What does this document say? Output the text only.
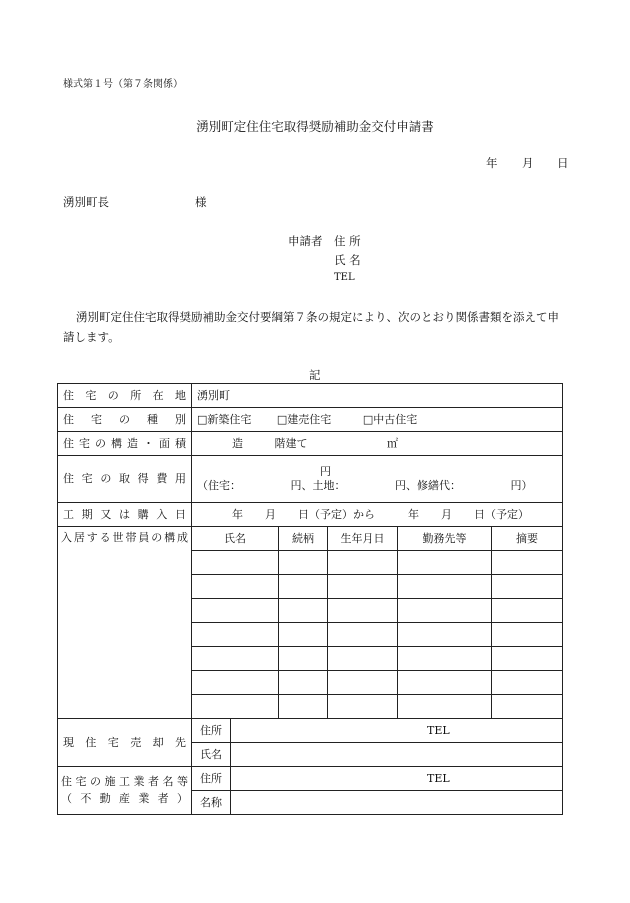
様式第１号（第７条関係）
湧別町定住住宅取得奨励補助金交付申請書
年 月 日
湧別町長	様
申請者 住 所
氏 名
TEL
湧別町定住住宅取得奨励補助金交付要綱第７条の規定により、次のとおり関係書類を添えて申
請します。
記
住宅の所在地	湧別町					
住宅の種別	□新築住宅 □建売住宅 □中古住宅					
住宅の構造・面積	造 階建て ㎡					
住宅の取得費用	円
（住宅：　　　　　円、土地：　　　　　円、修繕代：　　　　　円）					

工期又は購入日	年　　月　　日（予定）から　　　年　　月　　日（予定）					
入居する世帯員の構成	氏名		続柄	生年月日	勤務先等	摘要

現住宅売却先	住所	TEL				
	氏名					

住宅の施工業者名等
（不動産業者）	住所	TEL				
	名称					
